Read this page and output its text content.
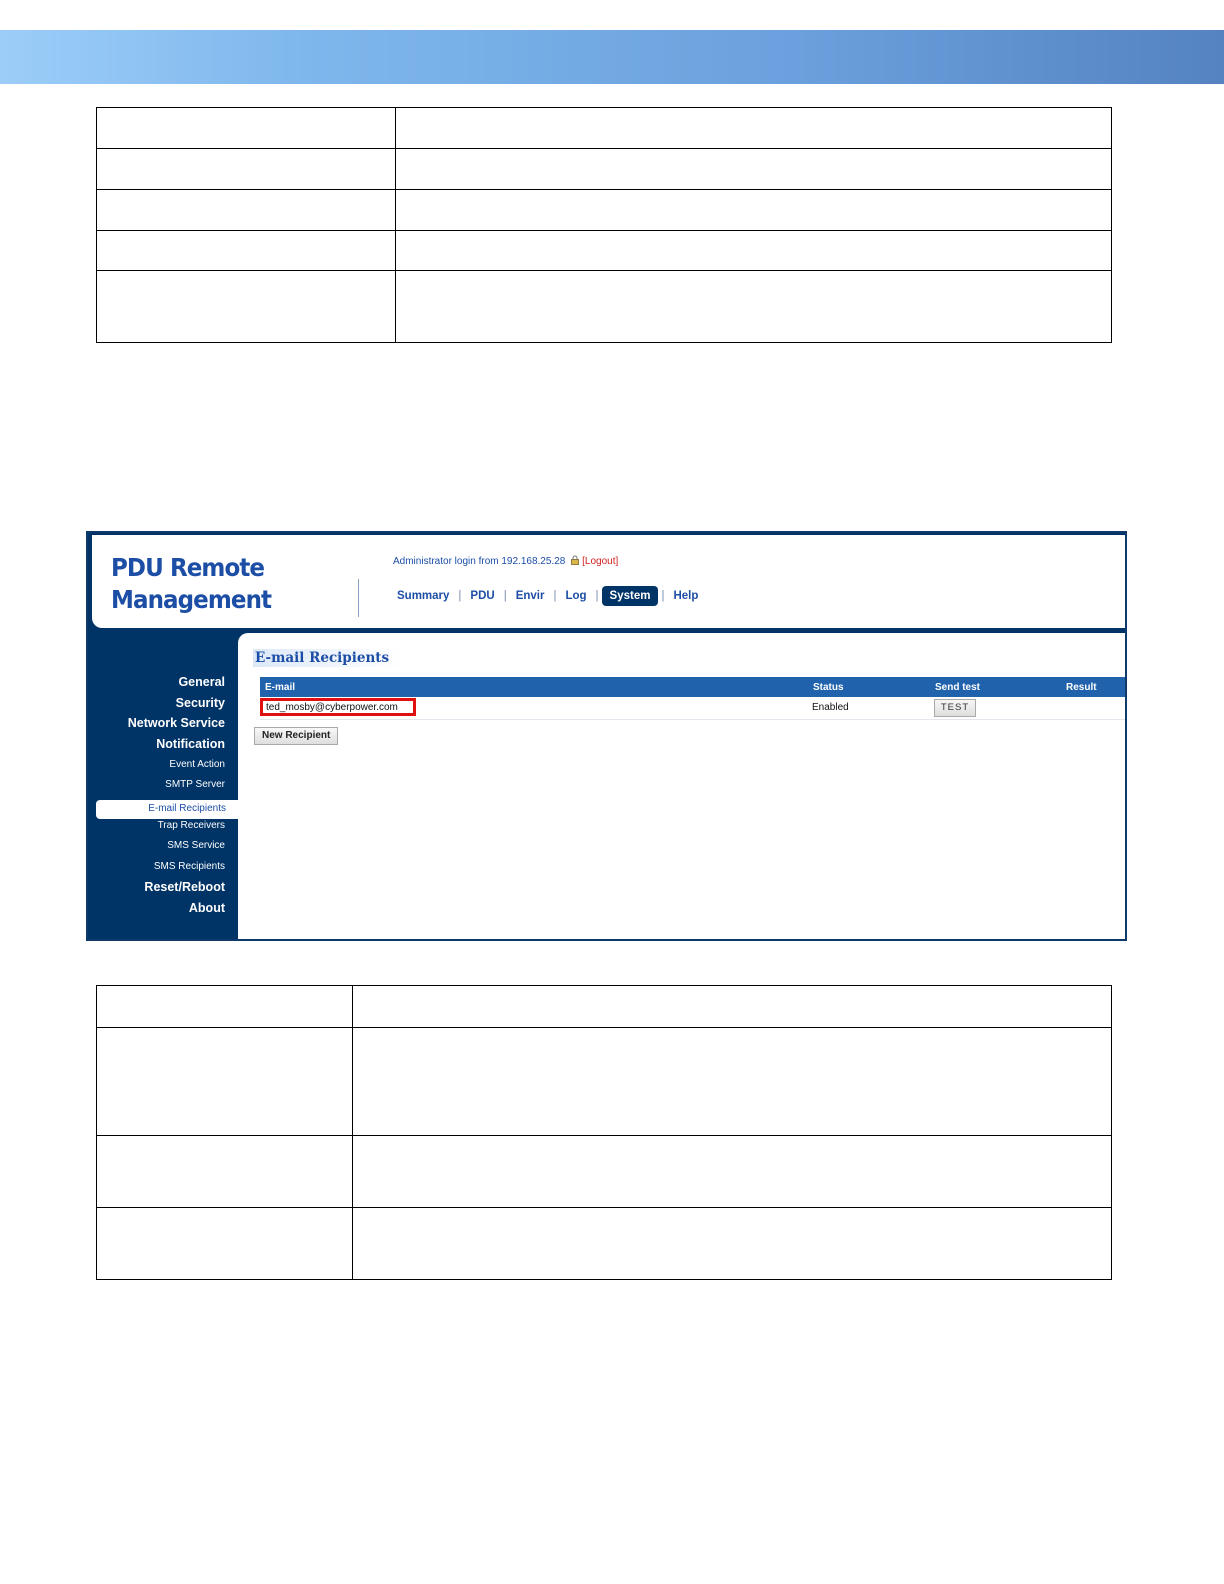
PDU Remote
Management
Administrator login from 192.168.25.28 [Logout]
Summary | PDU | Envir | Log | System | Help
General
Security
Network Service
Notification
Event Action
SMTP Server
E-mail Recipients
Trap Receivers
SMS Service
SMS Recipients
Reset/Reboot
About
E-mail Recipients
E-mail	Status	Send test	Result
ted_mosby@cyberpower.com	Enabled	TEST
New Recipient
